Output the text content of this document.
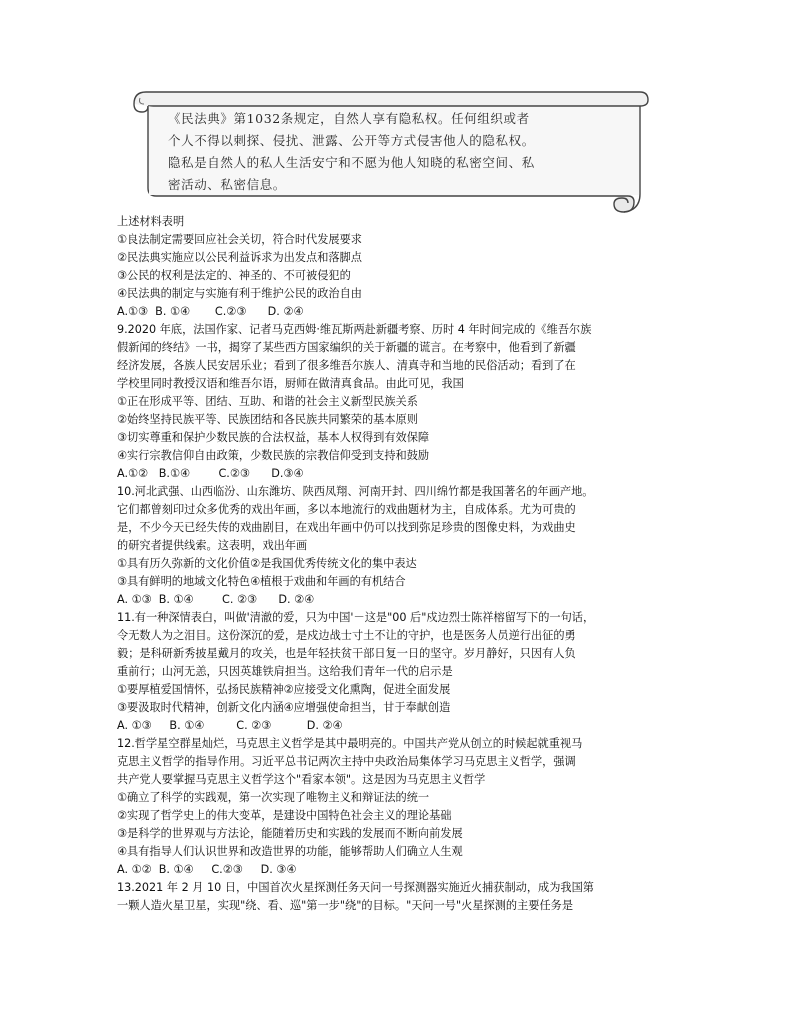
《民法典》第1032条规定，自然人享有隐私权。任何组织或者
个人不得以刺探、侵扰、泄露、公开等方式侵害他人的隐私权。
隐私是自然人的私人生活安宁和不愿为他人知晓的私密空间、私
密活动、私密信息。
上述材料表明
①良法制定需要回应社会关切，符合时代发展要求
②民法典实施应以公民利益诉求为出发点和落脚点
③公民的权利是法定的、神圣的、不可被侵犯的
④民法典的制定与实施有利于维护公民的政治自由
A.①③  B. ①④       C.②③      D. ②④
9.2020 年底，法国作家、记者马克西姆·维瓦斯两赴新疆考察、历时 4 年时间完成的《维吾尔族
假新闻的终结》一书，揭穿了某些西方国家编织的关于新疆的谎言。在考察中，他看到了新疆
经济发展，各族人民安居乐业；看到了很多维吾尔族人、清真寺和当地的民俗活动；看到了在
学校里同时教授汉语和维吾尔语，厨师在做清真食品。由此可见，我国
①正在形成平等、团结、互助、和谐的社会主义新型民族关系
②始终坚持民族平等、民族团结和各民族共同繁荣的基本原则
③切实尊重和保护少数民族的合法权益，基本人权得到有效保障
④实行宗教信仰自由政策，少数民族的宗教信仰受到支持和鼓励
A.①②   B.①④        C.②③      D.③④
10.河北武强、山西临汾、山东潍坊、陕西凤翔、河南开封、四川绵竹都是我国著名的年画产地。
它们都曾刻印过众多优秀的戏出年画，多以本地流行的戏曲题材为主，自成体系。尤为可贵的
是，不少今天已经失传的戏曲剧目，在戏出年画中仍可以找到弥足珍贵的图像史料，为戏曲史
的研究者提供线索。这表明，戏出年画
①具有历久弥新的文化价值②是我国优秀传统文化的集中表达
③具有鲜明的地域文化特色④植根于戏曲和年画的有机结合
A. ①③  B. ①④        C. ②③      D. ②④
11.有一种深情表白，叫做'清澈的爱，只为中国'－这是"00 后"戍边烈士陈祥榕留写下的一句话，
令无数人为之泪目。这份深沉的爱，是戍边战士寸土不让的守护，也是医务人员逆行出征的勇
毅；是科研新秀披星戴月的攻关，也是年轻扶贫干部日复一日的坚守。岁月静好，只因有人负
重前行；山河无恙，只因英雄铁肩担当。这给我们青年一代的启示是
①要厚植爱国情怀，弘扬民族精神②应接受文化熏陶，促进全面发展
③要汲取时代精神，创新文化内涵④应增强使命担当，甘于奉献创造
A. ①③     B. ①④         C. ②③          D. ②④
12.哲学星空群星灿烂，马克思主义哲学是其中最明亮的。中国共产党从创立的时候起就重视马
克思主义哲学的指导作用。习近平总书记两次主持中央政治局集体学习马克思主义哲学，强调
共产党人要掌握马克思主义哲学这个"看家本领"。这是因为马克思主义哲学
①确立了科学的实践观，第一次实现了唯物主义和辩证法的统一
②实现了哲学史上的伟大变革，是建设中国特色社会主义的理论基础
③是科学的世界观与方法论，能随着历史和实践的发展而不断向前发展
④具有指导人们认识世界和改造世界的功能，能够帮助人们确立人生观
A. ①②  B. ①④     C.②③     D. ③④
13.2021 年 2 月 10 日，中国首次火星探测任务天问一号探测器实施近火捕获制动，成为我国第
一颗人造火星卫星，实现"绕、看、巡"第一步"绕"的目标。"天问一号"火星探测的主要任务是
